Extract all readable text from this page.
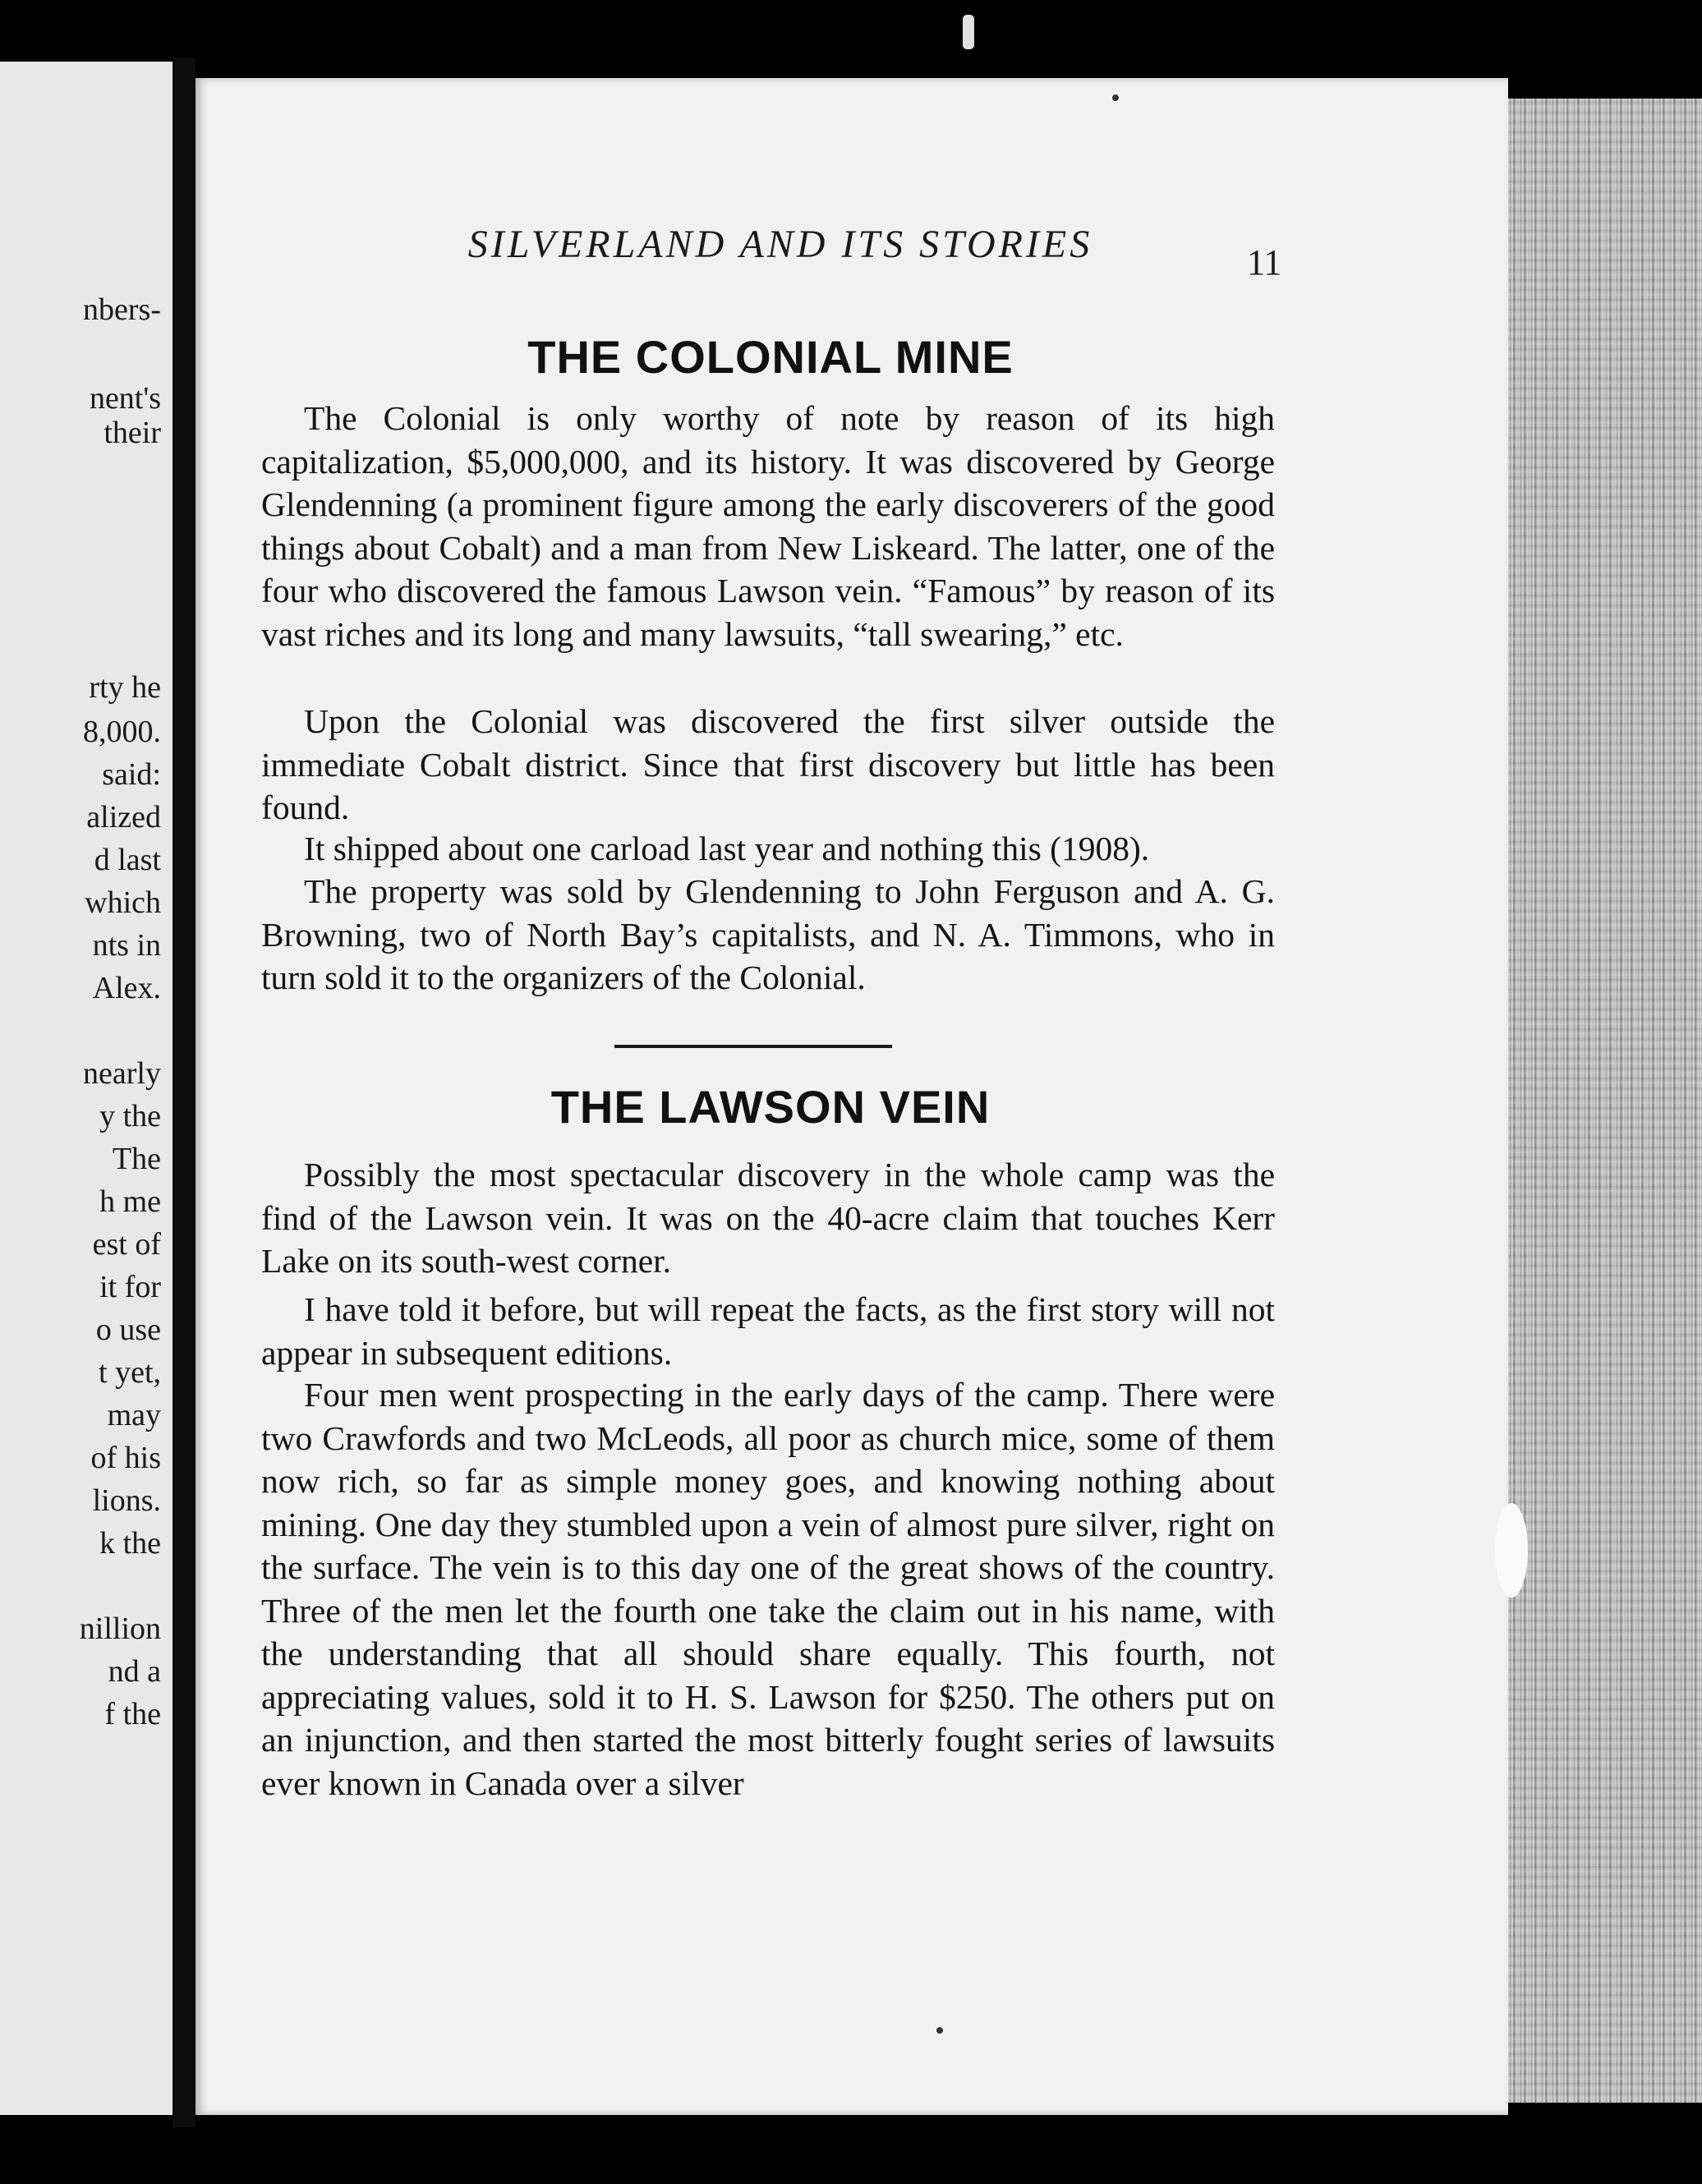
nbers-
nent's
their
rty he
8,000.
said:
alized
d last
which
nts in
Alex.
nearly
y the
The
h me
est of
it for
o use
t yet,
may
of his
lions.
k the
nillion
nd a
f the
SILVERLAND AND ITS STORIES	11
THE COLONIAL MINE

The Colonial is only worthy of note by reason of its high capitalization, $5,000,000, and its history. It was discovered by George Glendenning (a prominent figure among the early discoverers of the good things about Cobalt) and a man from New Liskeard. The latter, one of the four who discovered the famous Lawson vein. “Famous” by reason of its vast riches and its long and many lawsuits, “tall swearing,” etc.

Upon the Colonial was discovered the first silver outside the immediate Cobalt district. Since that first discovery but little has been found.

It shipped about one carload last year and nothing this (1908).

The property was sold by Glendenning to John Ferguson and A. G. Browning, two of North Bay’s capitalists, and N. A. Timmons, who in turn sold it to the organizers of the Colonial.

THE LAWSON VEIN

Possibly the most spectacular discovery in the whole camp was the find of the Lawson vein. It was on the 40-acre claim that touches Kerr Lake on its south-west corner.

I have told it before, but will repeat the facts, as the first story will not appear in subsequent editions.

Four men went prospecting in the early days of the camp. There were two Crawfords and two McLeods, all poor as church mice, some of them now rich, so far as simple money goes, and knowing nothing about mining. One day they stumbled upon a vein of almost pure silver, right on the surface. The vein is to this day one of the great shows of the country. Three of the men let the fourth one take the claim out in his name, with the understanding that all should share equally. This fourth, not appreciating values, sold it to H. S. Lawson for $250. The others put on an injunction, and then started the most bitterly fought series of lawsuits ever known in Canada over a silver
